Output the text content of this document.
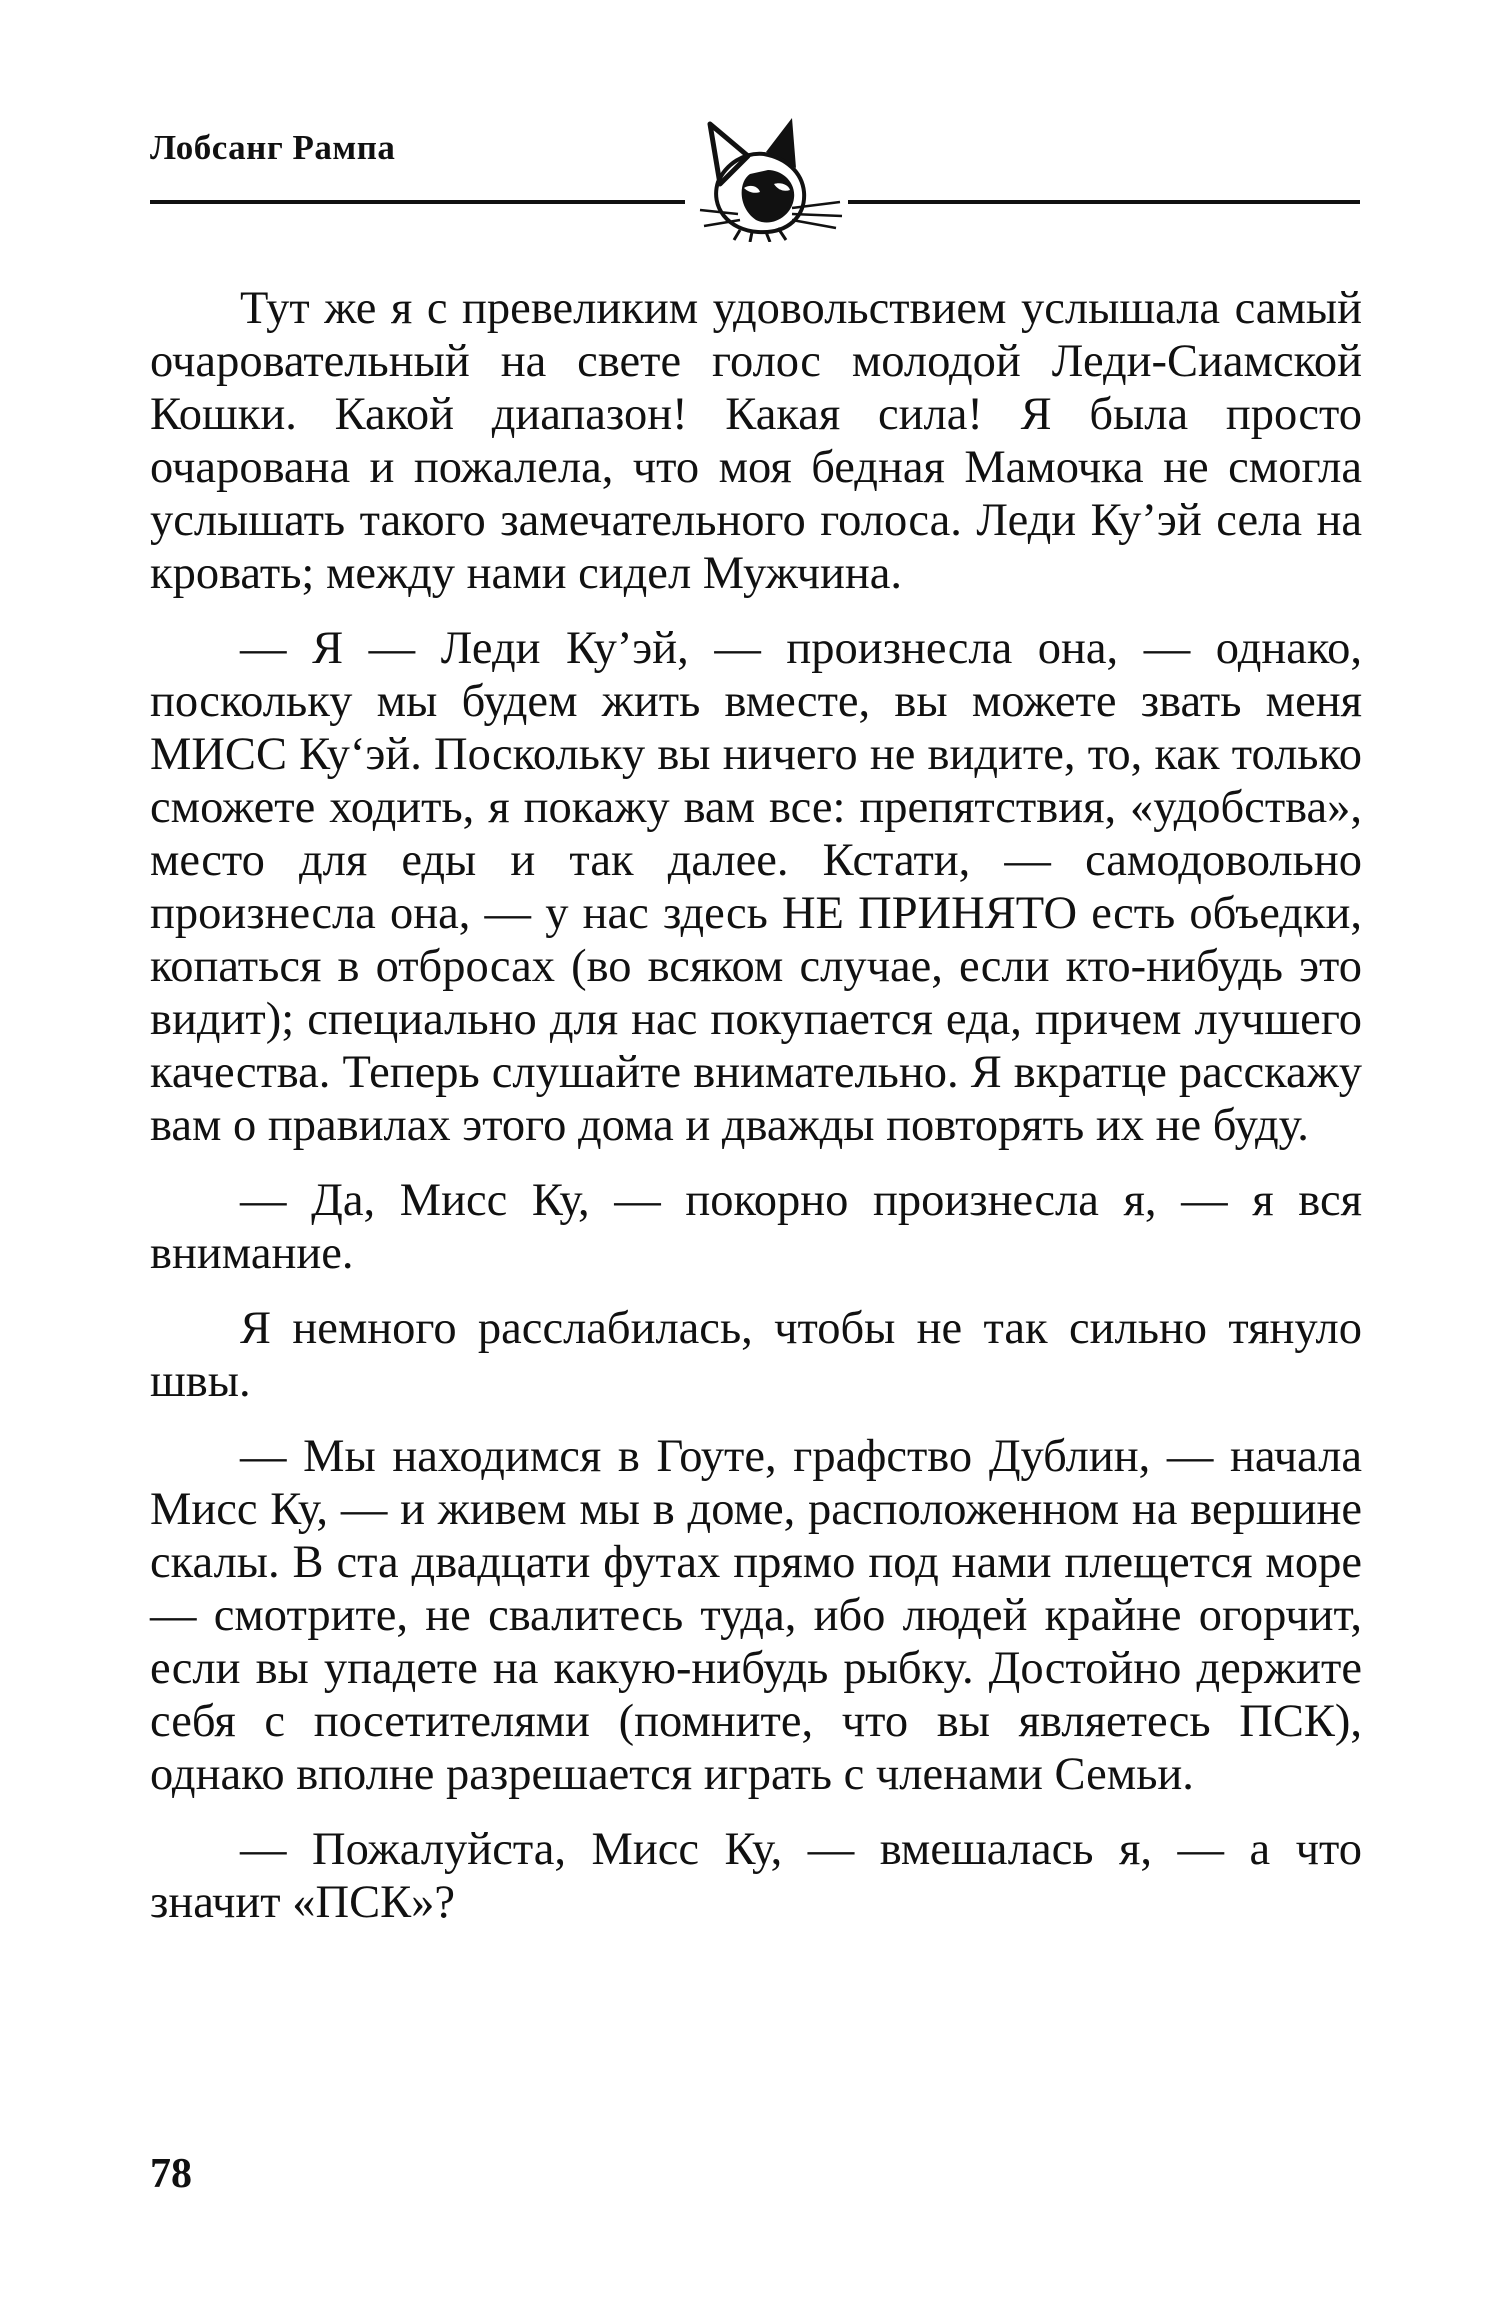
Лобсанг Рампа

Тут же я с превеликим удовольствием услышала самый очаровательный на свете голос молодой Леди-Сиамской Кошки. Какой диапазон! Какая сила! Я была просто очарована и пожалела, что моя бедная Мамочка не смогла услышать такого замечательного голоса. Леди Ку’эй села на кровать; между нами сидел Мужчина.

— Я — Леди Ку’эй, — произнесла она, — однако, поскольку мы будем жить вместе, вы можете звать меня МИСС Ку‘эй. Поскольку вы ничего не видите, то, как только сможете ходить, я покажу вам все: препятствия, «удобства», место для еды и так далее. Кстати, — самодовольно произнесла она, — у нас здесь НЕ ПРИНЯТО есть объедки, копаться в отбросах (во всяком случае, если кто-нибудь это видит); специально для нас покупается еда, причем лучшего качества. Теперь слушайте внимательно. Я вкратце расскажу вам о правилах этого дома и дважды повторять их не буду.

— Да, Мисс Ку, — покорно произнесла я, — я вся внимание.

Я немного расслабилась, чтобы не так сильно тянуло швы.

— Мы находимся в Гоуте, графство Дублин, — начала Мисс Ку, — и живем мы в доме, расположенном на вершине скалы. В ста двадцати футах прямо под нами плещется море — смотрите, не свалитесь туда, ибо людей крайне огорчит, если вы упадете на какую-нибудь рыбку. Достойно держите себя с посетителями (помните, что вы являетесь ПСК), однако вполне разрешается играть с членами Семьи.

— Пожалуйста, Мисс Ку, — вмешалась я, — а что значит «ПСК»?

78
